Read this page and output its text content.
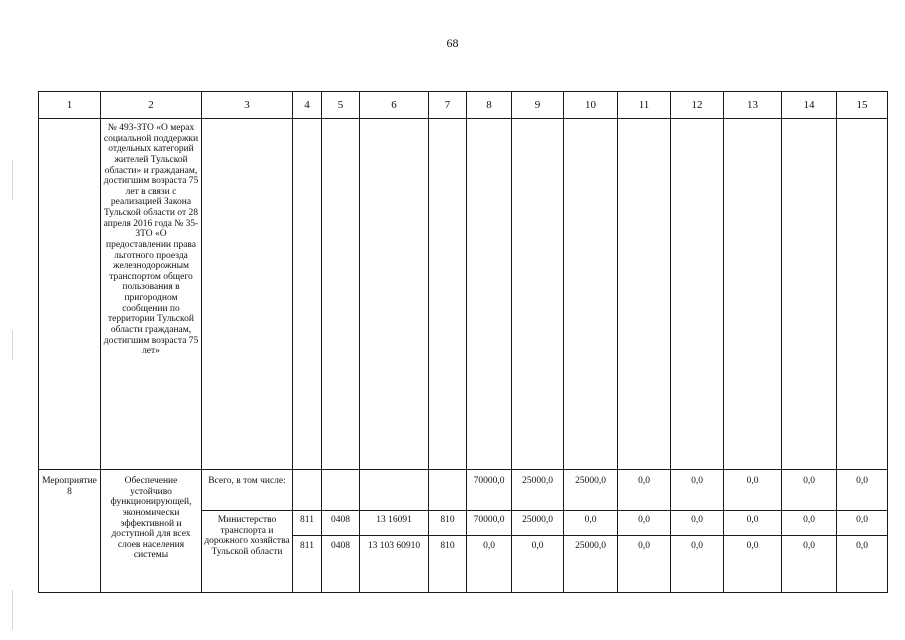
68
1	2	3	4	5	6	7	8	9	10	11	12	13	14	15
	№ 493-ЗТО «О мерах социальной поддержки отдельных категорий жителей Тульской области» и гражданам, достигшим возраста 75 лет в связи с реализацией Закона Тульской области от 28 апреля 2016 года № 35-ЗТО «О предоставлении права льготного проезда железнодорожным транспортом общего пользования в пригородном сообщении по территории Тульской области гражданам, достигшим возраста 75 лет»													
Мероприятие 8	Обеспечение устойчиво функционирующей, экономически эффективной и доступной для всех слоев населения системы	Всего, в том числе:					70000,0	25000,0	25000,0	0,0	0,0	0,0	0,0	0,0
		Министерство транспорта и дорожного хозяйства Тульской области	811	0408	13 16091	810	70000,0	25000,0	0,0	0,0	0,0	0,0	0,0	0,0
			811	0408	13 103 60910	810	0,0	0,0	25000,0	0,0	0,0	0,0	0,0	0,0
